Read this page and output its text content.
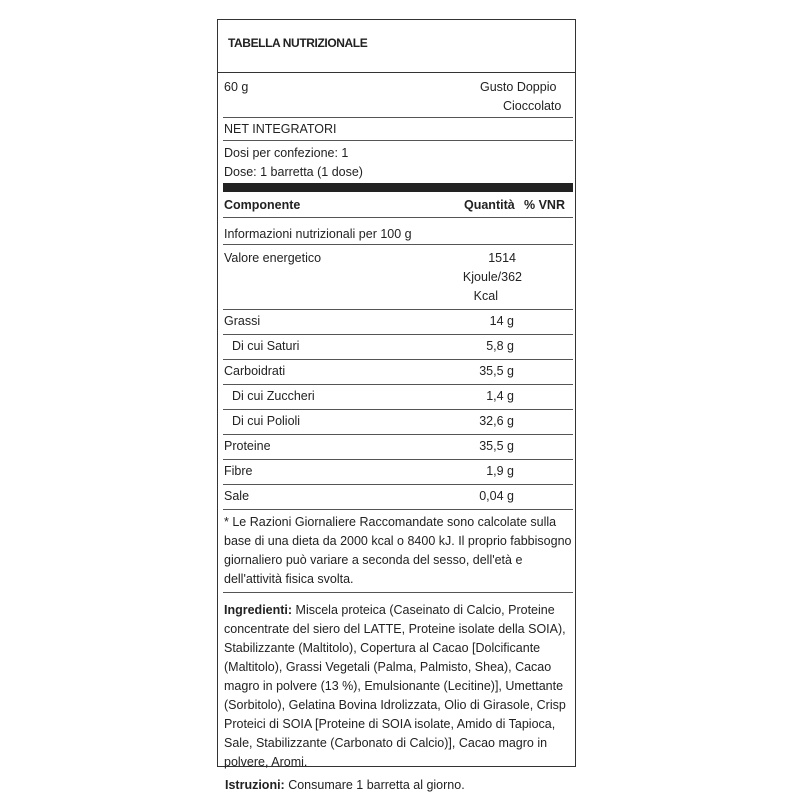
TABELLA NUTRIZIONALE
60 g	Gusto Doppio
Cioccolato
NET INTEGRATORI
Dosi per confezione: 1
Dose: 1 barretta (1 dose)
Componente	Quantità % VNR
Informazioni nutrizionali per 100 g
Valore energetico	1514
Kjoule/362
Kcal
Grassi	14 g
Di cui Saturi	5,8 g
Carboidrati	35,5 g
Di cui Zuccheri	1,4 g
Di cui Polioli	32,6 g
Proteine	35,5 g
Fibre	1,9 g
Sale	0,04 g
* Le Razioni Giornaliere Raccomandate sono calcolate sulla base di una dieta da 2000 kcal o 8400 kJ. Il proprio fabbisogno giornaliero può variare a seconda del sesso, dell'età e dell'attività fisica svolta.
Ingredienti: Miscela proteica (Caseinato di Calcio, Proteine concentrate del siero del LATTE, Proteine isolate della SOIA), Stabilizzante (Maltitolo), Copertura al Cacao [Dolcificante (Maltitolo), Grassi Vegetali (Palma, Palmisto, Shea), Cacao magro in polvere (13 %), Emulsionante (Lecitine)], Umettante (Sorbitolo), Gelatina Bovina Idrolizzata, Olio di Girasole, Crisp Proteici di SOIA [Proteine di SOIA isolate, Amido di Tapioca, Sale, Stabilizzante (Carbonato di Calcio)], Cacao magro in polvere, Aromi.
Istruzioni: Consumare 1 barretta al giorno.
